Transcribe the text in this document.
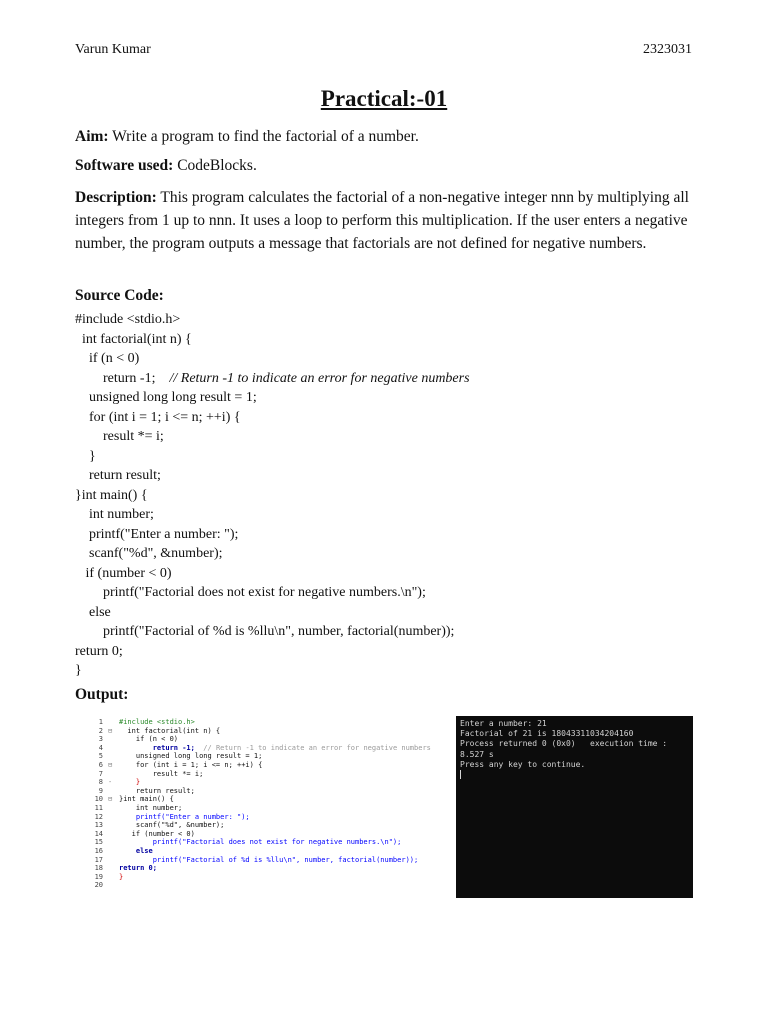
Varun Kumar	2323031
Practical:-01
Aim: Write a program to find the factorial of a number.
Software used: CodeBlocks.
Description: This program calculates the factorial of a non-negative integer nnn by multiplying all integers from 1 up to nnn. It uses a loop to perform this multiplication. If the user enters a negative number, the program outputs a message that factorials are not defined for negative numbers.
Source Code:
#include <stdio.h>
int factorial(int n) {
if (n < 0)
return -1; // Return -1 to indicate an error for negative numbers
unsigned long long result = 1;
for (int i = 1; i <= n; ++i) {
result *= i;
}
return result;
}int main() {
int number;
printf("Enter a number: ");
scanf("%d", &number);
if (number < 0)
printf("Factorial does not exist for negative numbers.\n");
else
printf("Factorial of %d is %llu\n", number, factorial(number));
return 0;
}
Output:
1
2
3
4
5
6
7
8
9
10
11
12
13
14
15
16
17
18
19
20

⊟

⊟

-

⊟
#include <stdio.h>
int factorial(int n) {
if (n < 0)
return -1; // Return -1 to indicate an error for negative numbers
unsigned long long result = 1;
for (int i = 1; i <= n; ++i) {
result *= i;
}
return result;
}int main() {
int number;
printf("Enter a number: ");
scanf("%d", &number);
if (number < 0)
printf("Factorial does not exist for negative numbers.\n");
else
printf("Factorial of %d is %llu\n", number, factorial(number));
return 0;
}
Enter a number: 21
Factorial of 21 is 18043311034204160
Process returned 0 (0x0)   execution time :
8.527 s
Press any key to continue.
